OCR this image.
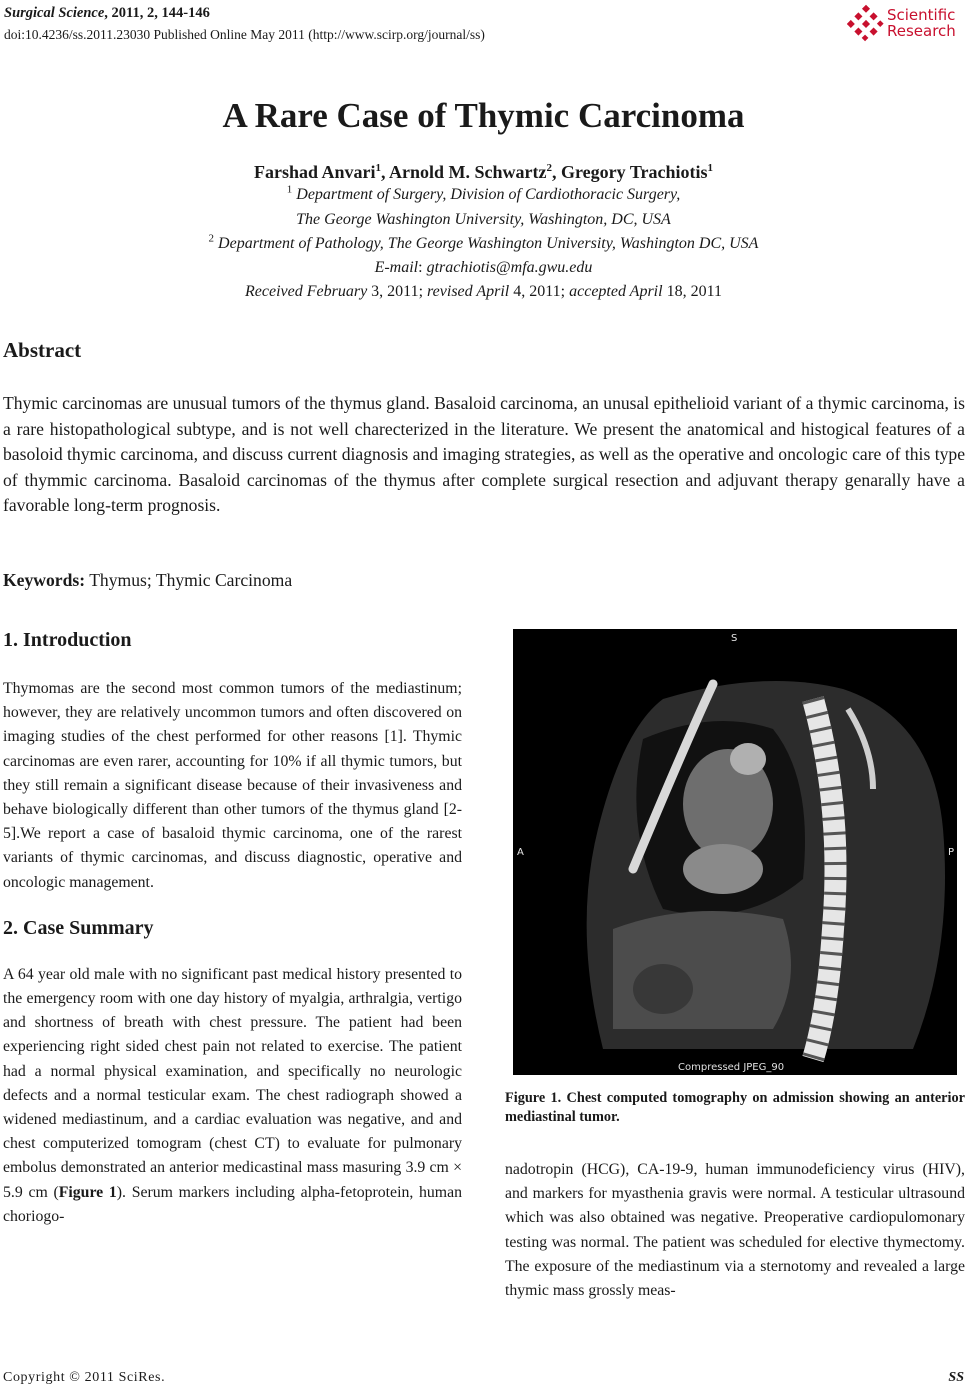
Surgical Science, 2011, 2, 144-146
doi:10.4236/ss.2011.23030 Published Online May 2011 (http://www.scirp.org/journal/ss)
Scientific
Research
A Rare Case of Thymic Carcinoma
Farshad Anvari$^1$, Arnold M. Schwartz$^2$, Gregory Trachiotis$^1$
$^1$ Department of Surgery, Division of Cardiothoracic Surgery,
The George Washington University, Washington, DC, USA
$^2$ Department of Pathology, The George Washington University, Washington DC, USA
E-mail: gtrachiotis@mfa.gwu.edu
Received February 3, 2011; revised April 4, 2011; accepted April 18, 2011
Abstract

Thymic carcinomas are unusual tumors of the thymus gland. Basaloid carcinoma, an unusal epithelioid variant of a thymic carcinoma, is a rare histopathological subtype, and is not well charecterized in the literature. We present the anatomical and histogical features of a basoloid thymic carcinoma, and discuss current diagnosis and imaging strategies, as well as the operative and oncologic care of this type of thymmic carcinoma. Basaloid carcinomas of the thymus after complete surgical resection and adjuvant therapy genarally have a favorable long-term prognosis.

Keywords: Thymus; Thymic Carcinoma
1. Introduction

Thymomas are the second most common tumors of the mediastinum; however, they are relatively uncommon tumors and often discovered on imaging studies of the chest performed for other reasons [1]. Thymic carcinomas are even rarer, accounting for 10% if all thymic tumors, but they still remain a significant disease because of their invasiveness and behave biologically different than other tumors of the thymus gland [2-5].We report a case of basaloid thymic carcinoma, one of the rarest variants of thymic carcinomas, and discuss diagnostic, operative and oncologic management.

2. Case Summary

A 64 year old male with no significant past medical history presented to the emergency room with one day history of myalgia, arthralgia, vertigo and shortness of breath with chest pressure. The patient had been experiencing right sided chest pain not related to exercise. The patient had a normal physical examination, and specifically no neurologic defects and a normal testicular exam. The chest radiograph showed a widened mediastinum, and a cardiac evaluation was negative, and and chest computerized tomogram (chest CT) to evaluate for pulmonary embolus demonstrated an anterior medicastinal mass masuring 3.9 cm × 5.9 cm (Figure 1). Serum markers including alpha-fetoprotein, human choriogo-

S
A	P
Compressed JPEG_90
Figure 1. Chest computed tomography on admission showing an anterior mediastinal tumor.

nadotropin (HCG), CA-19-9, human immunodeficiency virus (HIV), and markers for myasthenia gravis were normal. A testicular ultrasound which was also obtained was negative. Preoperative cardiopulomonary testing was normal. The patient was scheduled for elective thymectomy. The exposure of the mediastinum via a sternotomy and revealed a large thymic mass grossly meas-

Copyright © 2011 SciRes.	SS
